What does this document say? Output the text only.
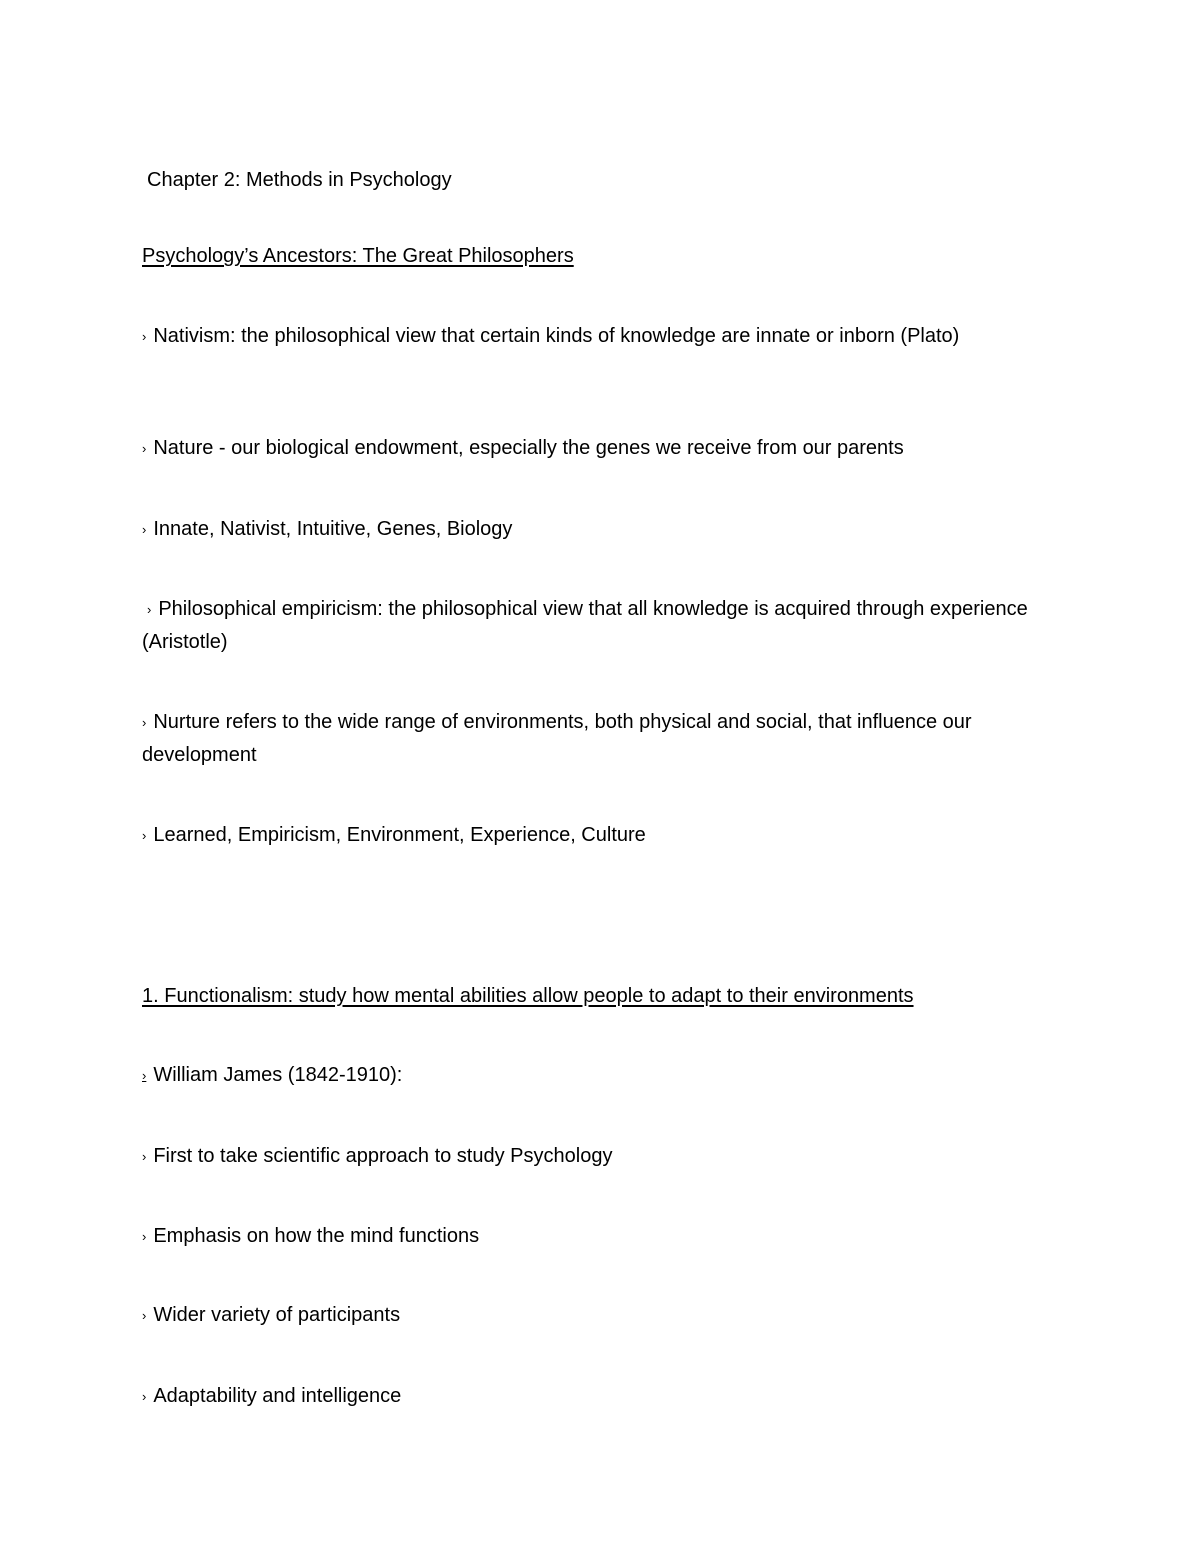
Chapter 2: Methods in Psychology
Psychology’s Ancestors: The Great Philosophers
› Nativism: the philosophical view that certain kinds of knowledge are innate or inborn (Plato)
› Nature - our biological endowment, especially the genes we receive from our parents
› Innate, Nativist, Intuitive, Genes, Biology
› Philosophical empiricism: the philosophical view that all knowledge is acquired through experience (Aristotle)
› Nurture refers to the wide range of environments, both physical and social, that influence our development
› Learned, Empiricism, Environment, Experience, Culture
1. Functionalism: study how mental abilities allow people to adapt to their environments
› William James (1842-1910):
› First to take scientific approach to study Psychology
› Emphasis on how the mind functions
› Wider variety of participants
› Adaptability and intelligence
